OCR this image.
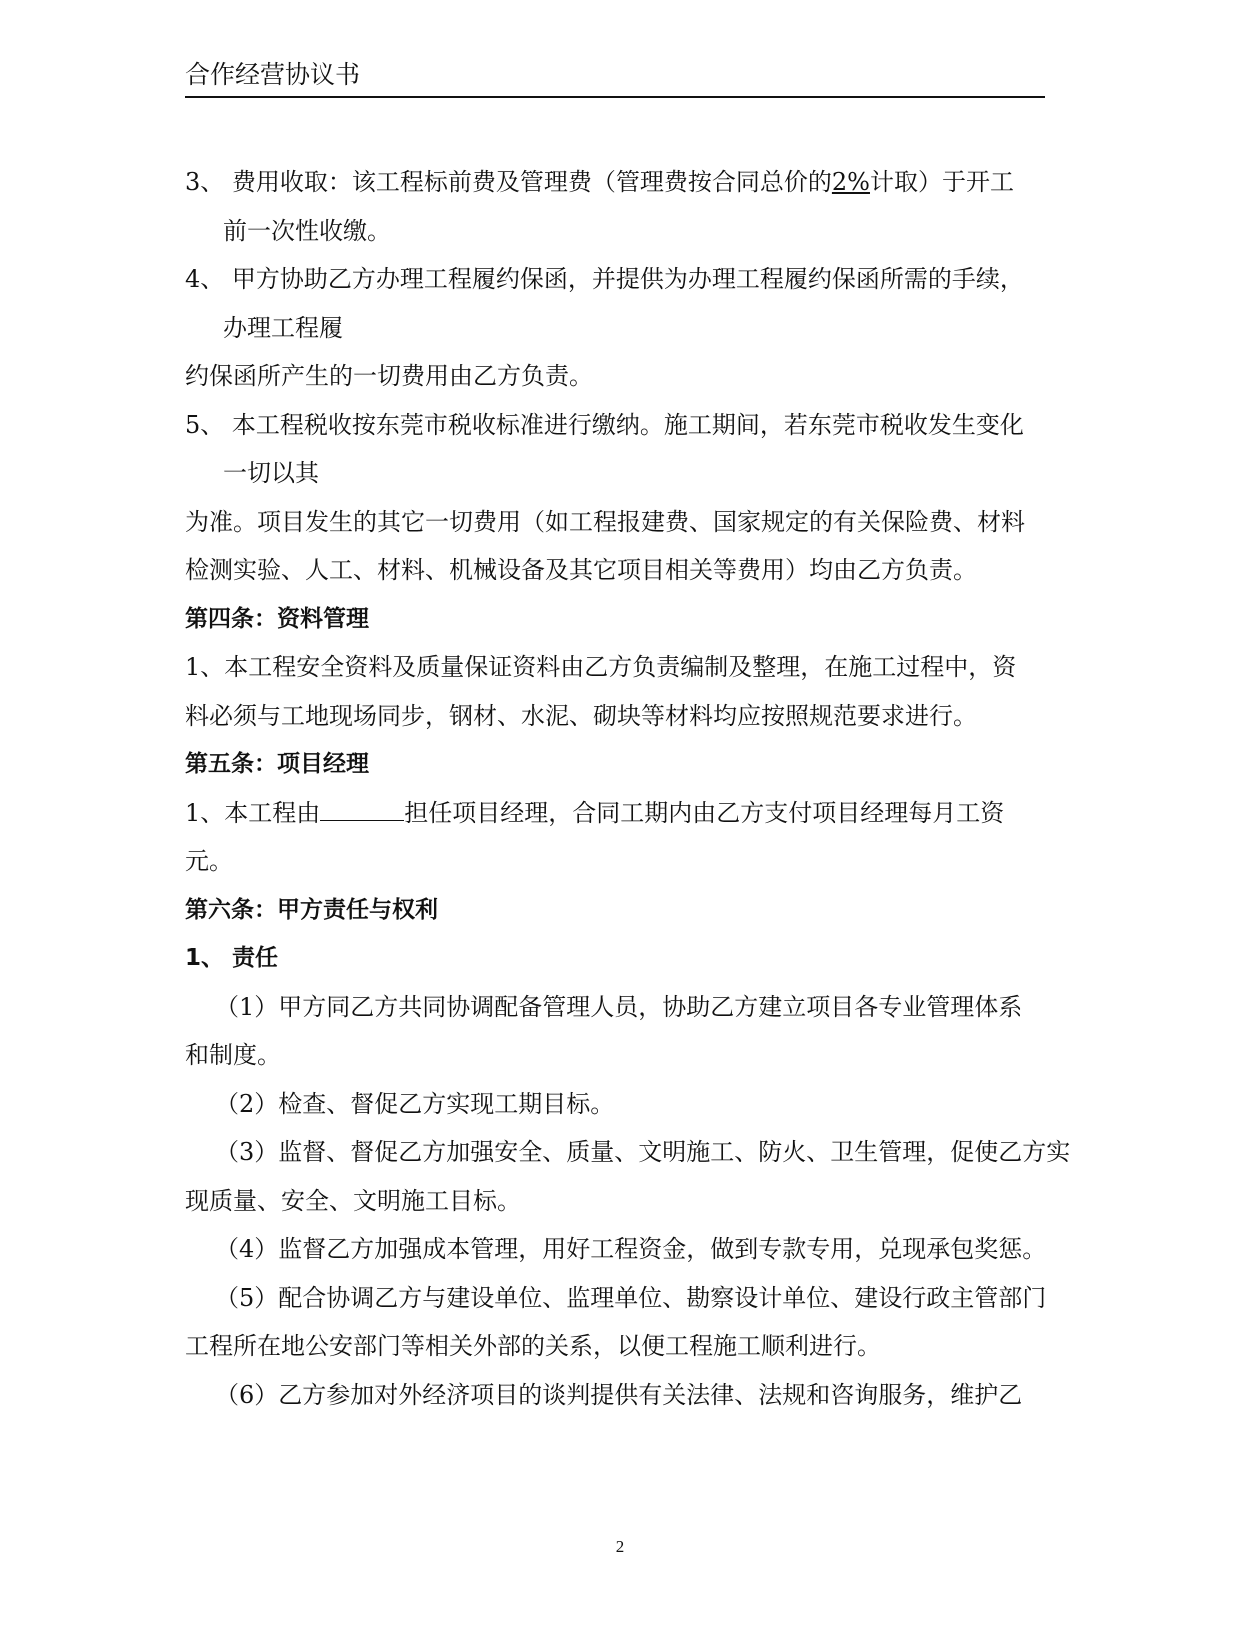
合作经营协议书
3、 费用收取：该工程标前费及管理费（管理费按合同总价的2%计取）于开工
前一次性收缴。
4、 甲方协助乙方办理工程履约保函，并提供为办理工程履约保函所需的手续，
办理工程履
约保函所产生的一切费用由乙方负责。
5、 本工程税收按东莞市税收标准进行缴纳。施工期间，若东莞市税收发生变化
一切以其
为准。项目发生的其它一切费用（如工程报建费、国家规定的有关保险费、材料
检测实验、人工、材料、机械设备及其它项目相关等费用）均由乙方负责。
第四条：资料管理
1、本工程安全资料及质量保证资料由乙方负责编制及整理，在施工过程中，资
料必须与工地现场同步，钢材、水泥、砌块等材料均应按照规范要求进行。
第五条：项目经理
1、本工程由	担任项目经理，合同工期内由乙方支付项目经理每月工资
元。
第六条：甲方责任与权利
1、 责任
（1）甲方同乙方共同协调配备管理人员，协助乙方建立项目各专业管理体系
和制度。
（2）检查、督促乙方实现工期目标。
（3）监督、督促乙方加强安全、质量、文明施工、防火、卫生管理，促使乙方实
现质量、安全、文明施工目标。
（4）监督乙方加强成本管理，用好工程资金，做到专款专用，兑现承包奖惩。
（5）配合协调乙方与建设单位、监理单位、勘察设计单位、建设行政主管部门
工程所在地公安部门等相关外部的关系，以便工程施工顺利进行。
（6）乙方参加对外经济项目的谈判提供有关法律、法规和咨询服务，维护乙
2
